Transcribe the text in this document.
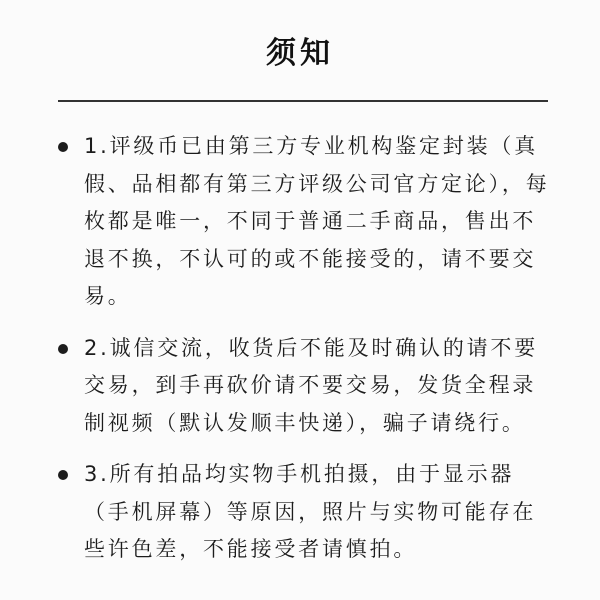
须知
1.评级币已由第三方专业机构鉴定封装（真假、品相都有第三方评级公司官方定论），每枚都是唯一，不同于普通二手商品，售出不退不换，不认可的或不能接受的，请不要交易。
2.诚信交流，收货后不能及时确认的请不要交易，到手再砍价请不要交易，发货全程录制视频（默认发顺丰快递），骗子请绕行。
3.所有拍品均实物手机拍摄，由于显示器（手机屏幕）等原因，照片与实物可能存在些许色差，不能接受者请慎拍。
